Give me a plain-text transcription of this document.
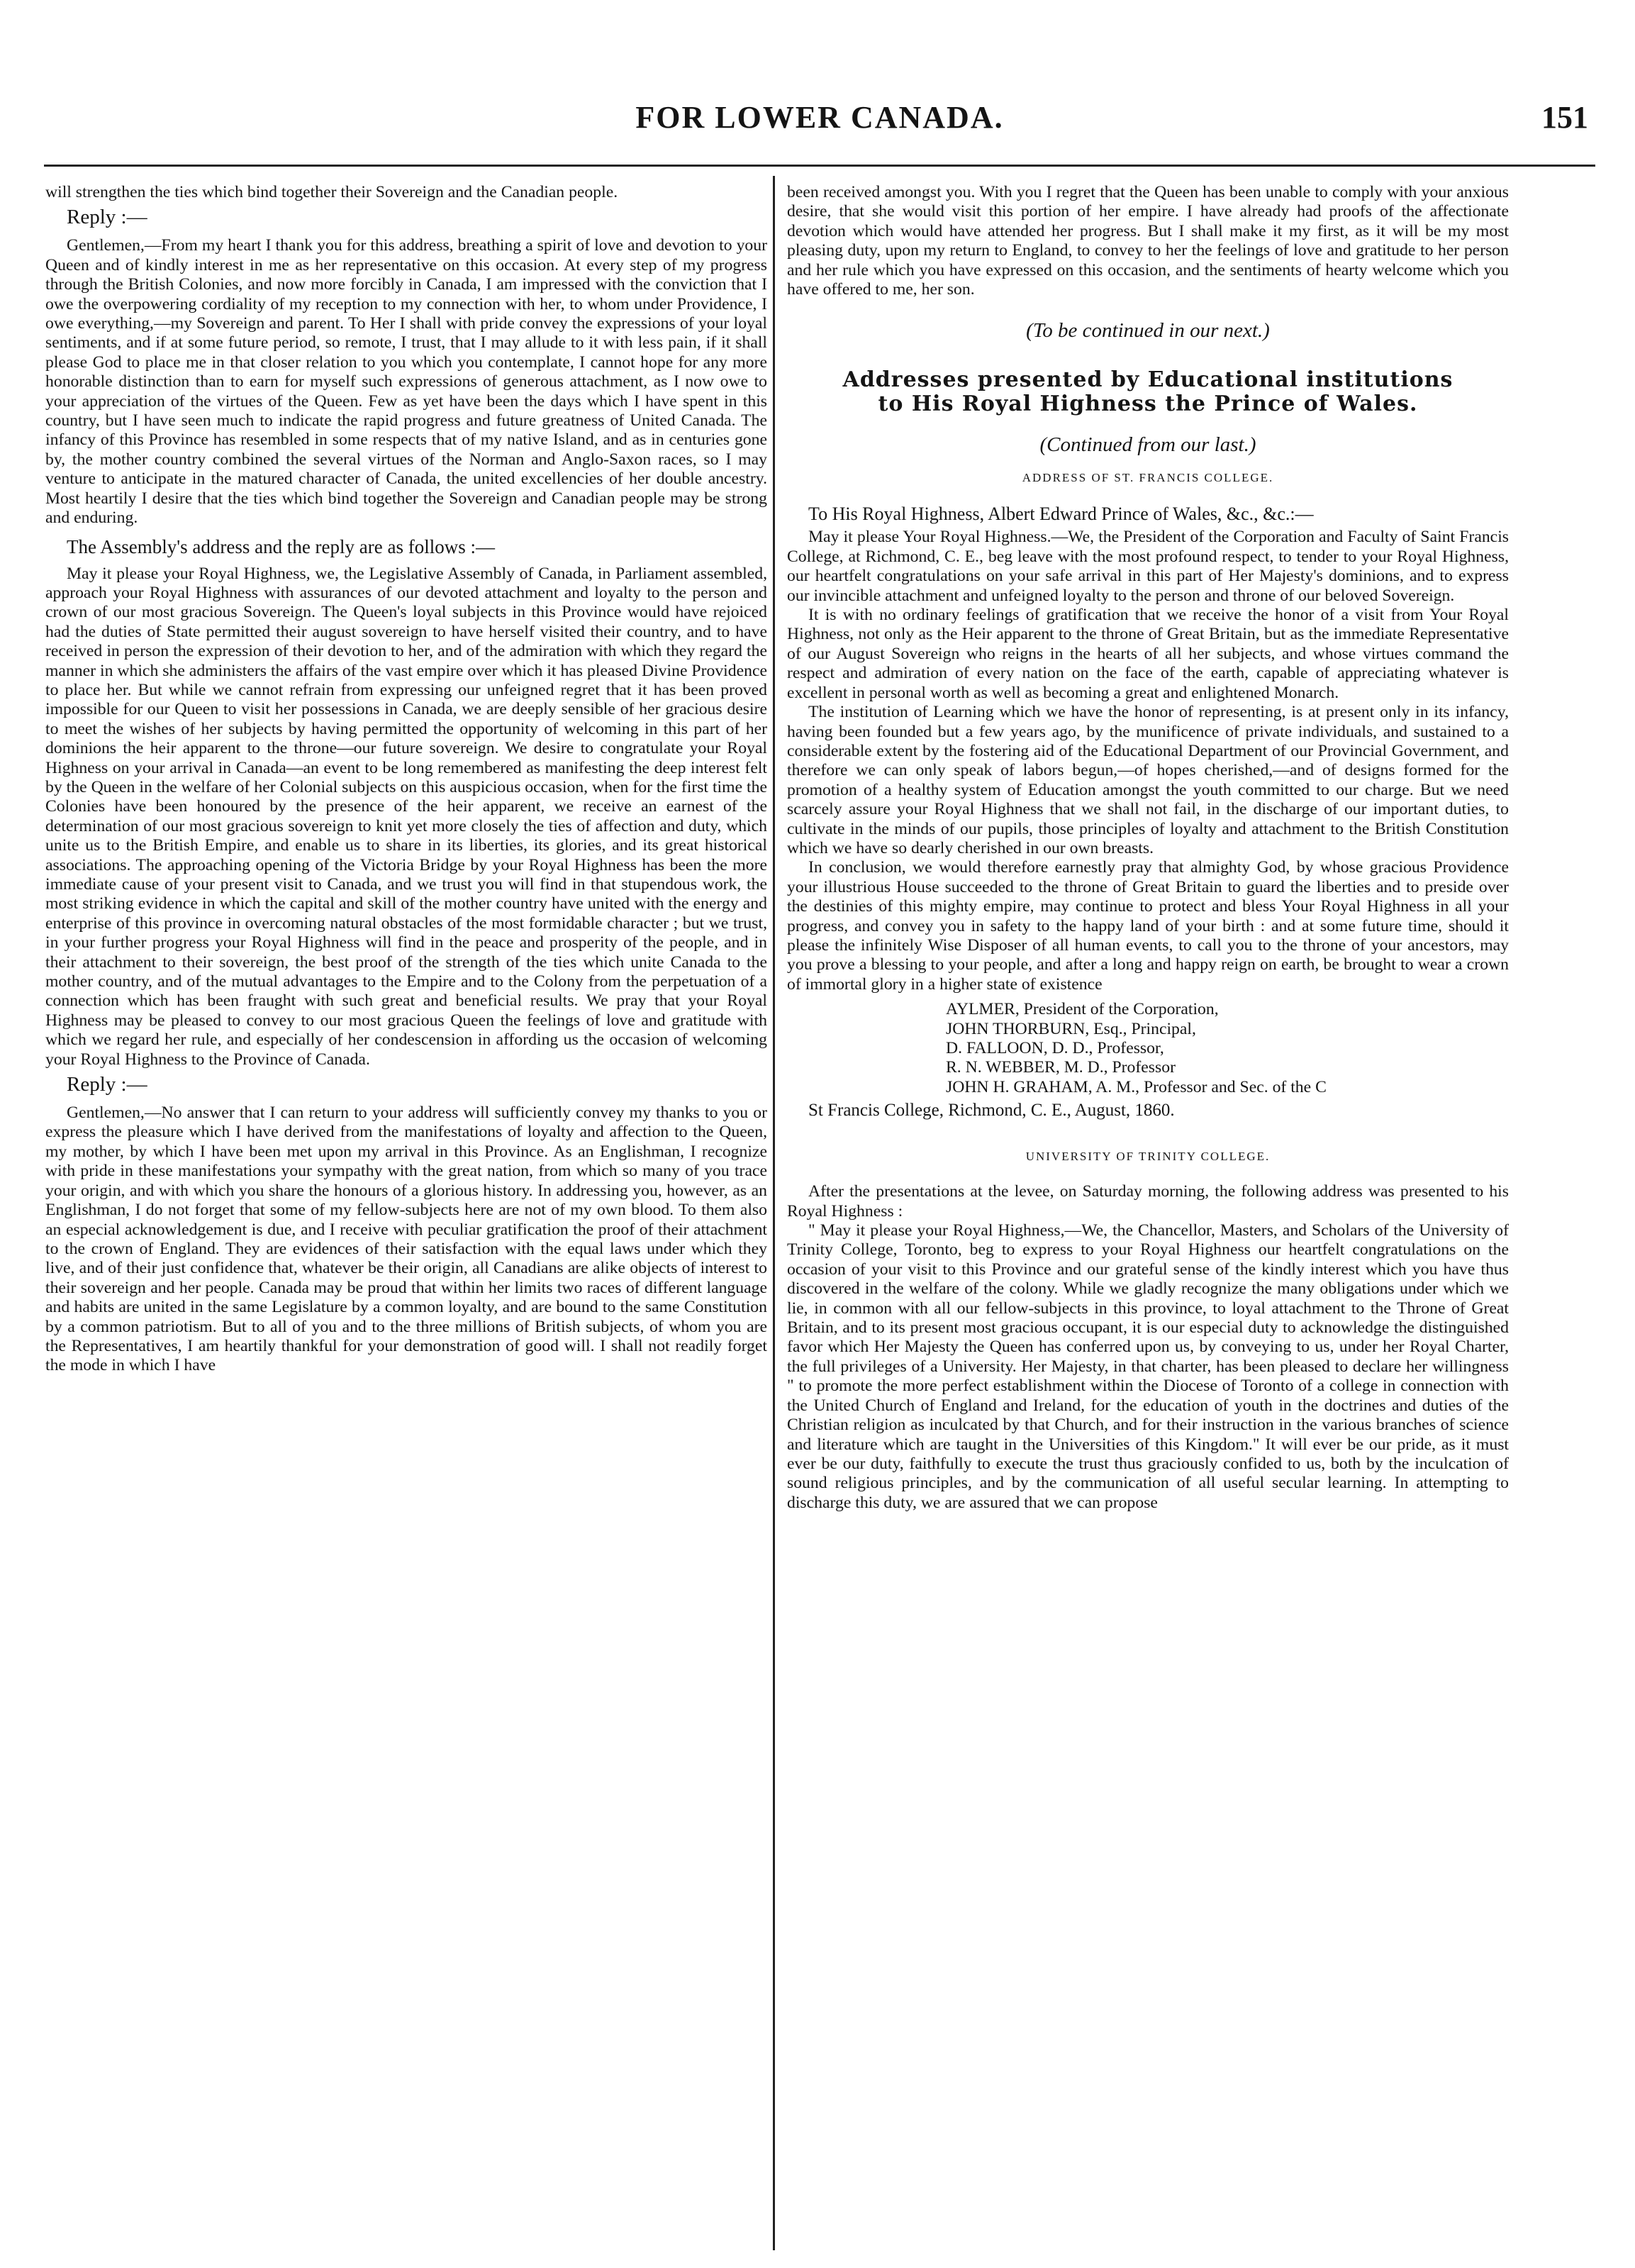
FOR LOWER CANADA.	151

will strengthen the ties which bind together their Sovereign and the Canadian people.

Reply :—

Gentlemen,—From my heart I thank you for this address, breathing a spirit of love and devotion to your Queen and of kindly interest in me as her representative on this occasion. At every step of my progress through the British Colonies, and now more forcibly in Canada, I am impressed with the conviction that I owe the overpowering cordiality of my reception to my connection with her, to whom under Providence, I owe everything,—my Sovereign and parent. To Her I shall with pride convey the expressions of your loyal sentiments, and if at some future period, so remote, I trust, that I may allude to it with less pain, if it shall please God to place me in that closer relation to you which you contemplate, I cannot hope for any more honorable distinction than to earn for myself such expressions of generous attachment, as I now owe to your appreciation of the virtues of the Queen. Few as yet have been the days which I have spent in this country, but I have seen much to indicate the rapid progress and future greatness of United Canada. The infancy of this Province has resembled in some respects that of my native Island, and as in centuries gone by, the mother country combined the several virtues of the Norman and Anglo-Saxon races, so I may venture to anticipate in the matured character of Canada, the united excellencies of her double ancestry. Most heartily I desire that the ties which bind together the Sovereign and Canadian people may be strong and enduring.

The Assembly's address and the reply are as follows :—

May it please your Royal Highness, we, the Legislative Assembly of Canada, in Parliament assembled, approach your Royal Highness with assurances of our devoted attachment and loyalty to the person and crown of our most gracious Sovereign. The Queen's loyal subjects in this Province would have rejoiced had the duties of State permitted their august sovereign to have herself visited their country, and to have received in person the expression of their devotion to her, and of the admiration with which they regard the manner in which she administers the affairs of the vast empire over which it has pleased Divine Providence to place her. But while we cannot refrain from expressing our unfeigned regret that it has been proved impossible for our Queen to visit her possessions in Canada, we are deeply sensible of her gracious desire to meet the wishes of her subjects by having permitted the opportunity of welcoming in this part of her dominions the heir apparent to the throne—our future sovereign. We desire to congratulate your Royal Highness on your arrival in Canada—an event to be long remembered as manifesting the deep interest felt by the Queen in the welfare of her Colonial subjects on this auspicious occasion, when for the first time the Colonies have been honoured by the presence of the heir apparent, we receive an earnest of the determination of our most gracious sovereign to knit yet more closely the ties of affection and duty, which unite us to the British Empire, and enable us to share in its liberties, its glories, and its great historical associations. The approaching opening of the Victoria Bridge by your Royal Highness has been the more immediate cause of your present visit to Canada, and we trust you will find in that stupendous work, the most striking evidence in which the capital and skill of the mother country have united with the energy and enterprise of this province in overcoming natural obstacles of the most formidable character ; but we trust, in your further progress your Royal Highness will find in the peace and prosperity of the people, and in their attachment to their sovereign, the best proof of the strength of the ties which unite Canada to the mother country, and of the mutual advantages to the Empire and to the Colony from the perpetuation of a connection which has been fraught with such great and beneficial results. We pray that your Royal Highness may be pleased to convey to our most gracious Queen the feelings of love and gratitude with which we regard her rule, and especially of her condescension in affording us the occasion of welcoming your Royal Highness to the Province of Canada.

Reply :—

Gentlemen,—No answer that I can return to your address will sufficiently convey my thanks to you or express the pleasure which I have derived from the manifestations of loyalty and affection to the Queen, my mother, by which I have been met upon my arrival in this Province. As an Englishman, I recognize with pride in these manifestations your sympathy with the great nation, from which so many of you trace your origin, and with which you share the honours of a glorious history. In addressing you, however, as an Englishman, I do not forget that some of my fellow-subjects here are not of my own blood. To them also an especial acknowledgement is due, and I receive with peculiar gratification the proof of their attachment to the crown of England. They are evidences of their satisfaction with the equal laws under which they live, and of their just confidence that, whatever be their origin, all Canadians are alike objects of interest to their sovereign and her people. Canada may be proud that within her limits two races of different language and habits are united in the same Legislature by a common loyalty, and are bound to the same Constitution by a common patriotism. But to all of you and to the three millions of British subjects, of whom you are the Representatives, I am heartily thankful for your demonstration of good will. I shall not readily forget the mode in which I have

been received amongst you. With you I regret that the Queen has been unable to comply with your anxious desire, that she would visit this portion of her empire. I have already had proofs of the affectionate devotion which would have attended her progress. But I shall make it my first, as it will be my most pleasing duty, upon my return to England, to convey to her the feelings of love and gratitude to her person and her rule which you have expressed on this occasion, and the sentiments of hearty welcome which you have offered to me, her son.

(To be continued in our next.)
Addresses presented by Educational institutions
to His Royal Highness the Prince of Wales.
(Continued from our last.)
ADDRESS OF ST. FRANCIS COLLEGE.
To His Royal Highness, Albert Edward Prince of Wales, &c., &c.:—

May it please Your Royal Highness.—We, the President of the Corporation and Faculty of Saint Francis College, at Richmond, C. E., beg leave with the most profound respect, to tender to your Royal Highness, our heartfelt congratulations on your safe arrival in this part of Her Majesty's dominions, and to express our invincible attachment and unfeigned loyalty to the person and throne of our beloved Sovereign.

It is with no ordinary feelings of gratification that we receive the honor of a visit from Your Royal Highness, not only as the Heir apparent to the throne of Great Britain, but as the immediate Representative of our August Sovereign who reigns in the hearts of all her subjects, and whose virtues command the respect and admiration of every nation on the face of the earth, capable of appreciating whatever is excellent in personal worth as well as becoming a great and enlightened Monarch.

The institution of Learning which we have the honor of representing, is at present only in its infancy, having been founded but a few years ago, by the munificence of private individuals, and sustained to a considerable extent by the fostering aid of the Educational Department of our Provincial Government, and therefore we can only speak of labors begun,—of hopes cherished,—and of designs formed for the promotion of a healthy system of Education amongst the youth committed to our charge. But we need scarcely assure your Royal Highness that we shall not fail, in the discharge of our important duties, to cultivate in the minds of our pupils, those principles of loyalty and attachment to the British Constitution which we have so dearly cherished in our own breasts.

In conclusion, we would therefore earnestly pray that almighty God, by whose gracious Providence your illustrious House succeeded to the throne of Great Britain to guard the liberties and to preside over the destinies of this mighty empire, may continue to protect and bless Your Royal Highness in all your progress, and convey you in safety to the happy land of your birth : and at some future time, should it please the infinitely Wise Disposer of all human events, to call you to the throne of your ancestors, may you prove a blessing to your people, and after a long and happy reign on earth, be brought to wear a crown of immortal glory in a higher state of existence

AYLMER, President of the Corporation,
JOHN THORBURN, Esq., Principal,
D. FALLOON, D. D., Professor,
R. N. WEBBER, M. D., Professor
JOHN H. GRAHAM, A. M., Professor and Sec. of the C
St Francis College, Richmond, C. E., August, 1860.
UNIVERSITY OF TRINITY COLLEGE.

After the presentations at the levee, on Saturday morning, the following address was presented to his Royal Highness :

" May it please your Royal Highness,—We, the Chancellor, Masters, and Scholars of the University of Trinity College, Toronto, beg to express to your Royal Highness our heartfelt congratulations on the occasion of your visit to this Province and our grateful sense of the kindly interest which you have thus discovered in the welfare of the colony. While we gladly recognize the many obligations under which we lie, in common with all our fellow-subjects in this province, to loyal attachment to the Throne of Great Britain, and to its present most gracious occupant, it is our especial duty to acknowledge the distinguished favor which Her Majesty the Queen has conferred upon us, by conveying to us, under her Royal Charter, the full privileges of a University. Her Majesty, in that charter, has been pleased to declare her willingness " to promote the more perfect establishment within the Diocese of Toronto of a college in connection with the United Church of England and Ireland, for the education of youth in the doctrines and duties of the Christian religion as inculcated by that Church, and for their instruction in the various branches of science and literature which are taught in the Universities of this Kingdom." It will ever be our pride, as it must ever be our duty, faithfully to execute the trust thus graciously confided to us, both by the inculcation of sound religious principles, and by the communication of all useful secular learning. In attempting to discharge this duty, we are assured that we can propose
